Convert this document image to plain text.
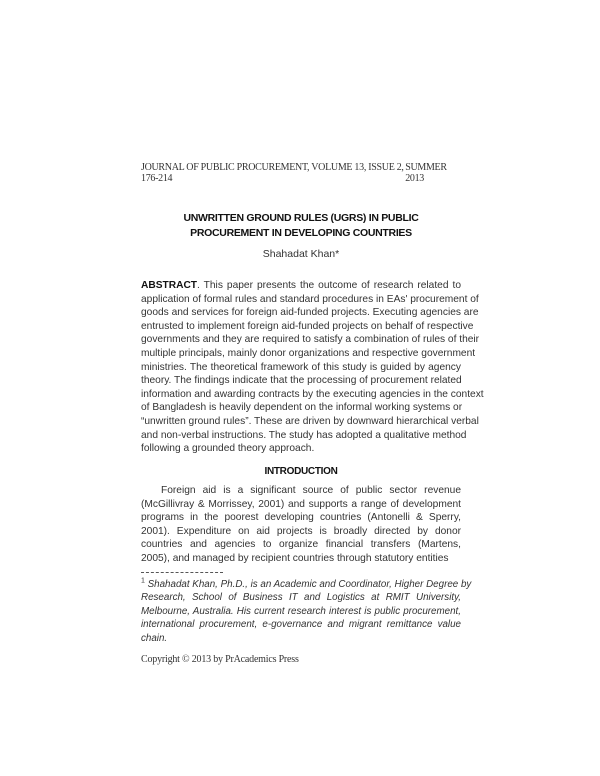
JOURNAL OF PUBLIC PROCUREMENT, VOLUME 13, ISSUE 2, 176-214
SUMMER 2013
UNWRITTEN GROUND RULES (UGRS) IN PUBLIC
PROCUREMENT IN DEVELOPING COUNTRIES
Shahadat Khan*
ABSTRACT. This paper presents the outcome of research related to
application of formal rules and standard procedures in EAs' procurement of
goods and services for foreign aid-funded projects. Executing agencies are
entrusted to implement foreign aid-funded projects on behalf of respective
governments and they are required to satisfy a combination of rules of their
multiple principals, mainly donor organizations and respective government
ministries. The theoretical framework of this study is guided by agency
theory. The findings indicate that the processing of procurement related
information and awarding contracts by the executing agencies in the context
of Bangladesh is heavily dependent on the informal working systems or
“unwritten ground rules”. These are driven by downward hierarchical verbal
and non-verbal instructions. The study has adopted a qualitative method
following a grounded theory approach.
INTRODUCTION
Foreign aid is a significant source of public sector revenue
(McGillivray & Morrissey, 2001) and supports a range of development
programs in the poorest developing countries (Antonelli & Sperry,
2001). Expenditure on aid projects is broadly directed by donor
countries and agencies to organize financial transfers (Martens,
2005), and managed by recipient countries through statutory entities
$^1$ Shahadat Khan, Ph.D., is an Academic and Coordinator, Higher Degree by
Research, School of Business IT and Logistics at RMIT University,
Melbourne, Australia. His current research interest is public procurement,
international procurement, e-governance and migrant remittance value
chain.
Copyright © 2013 by PrAcademics Press
